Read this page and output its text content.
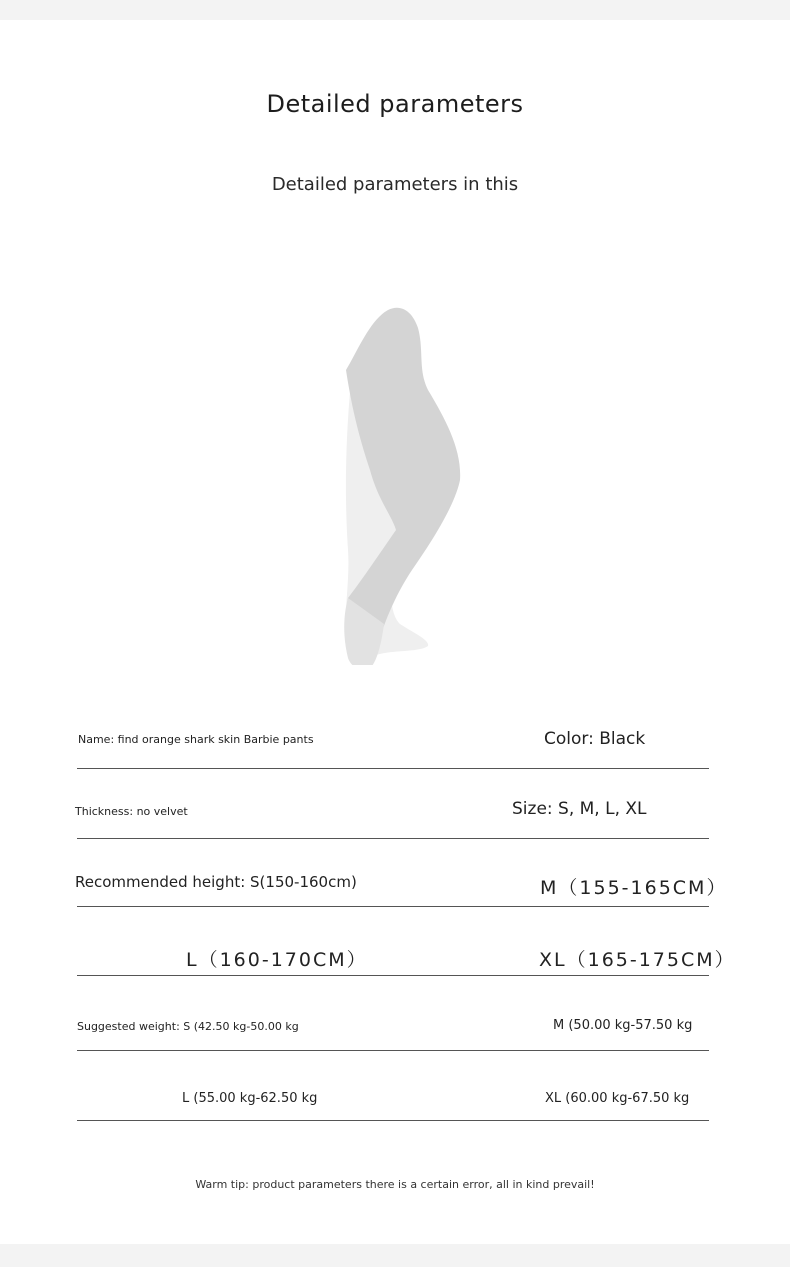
Detailed parameters
Detailed parameters in this
Name: find orange shark skin Barbie pants	Color: Black
Thickness: no velvet	Size: S, M, L, XL
Recommended height: S(150-160cm)	M（155-165CM）
L（160-170CM）	XL（165-175CM）
Suggested weight: S (42.50 kg-50.00 kg	M (50.00 kg-57.50 kg
L (55.00 kg-62.50 kg	XL (60.00 kg-67.50 kg
Warm tip: product parameters there is a certain error, all in kind prevail!
